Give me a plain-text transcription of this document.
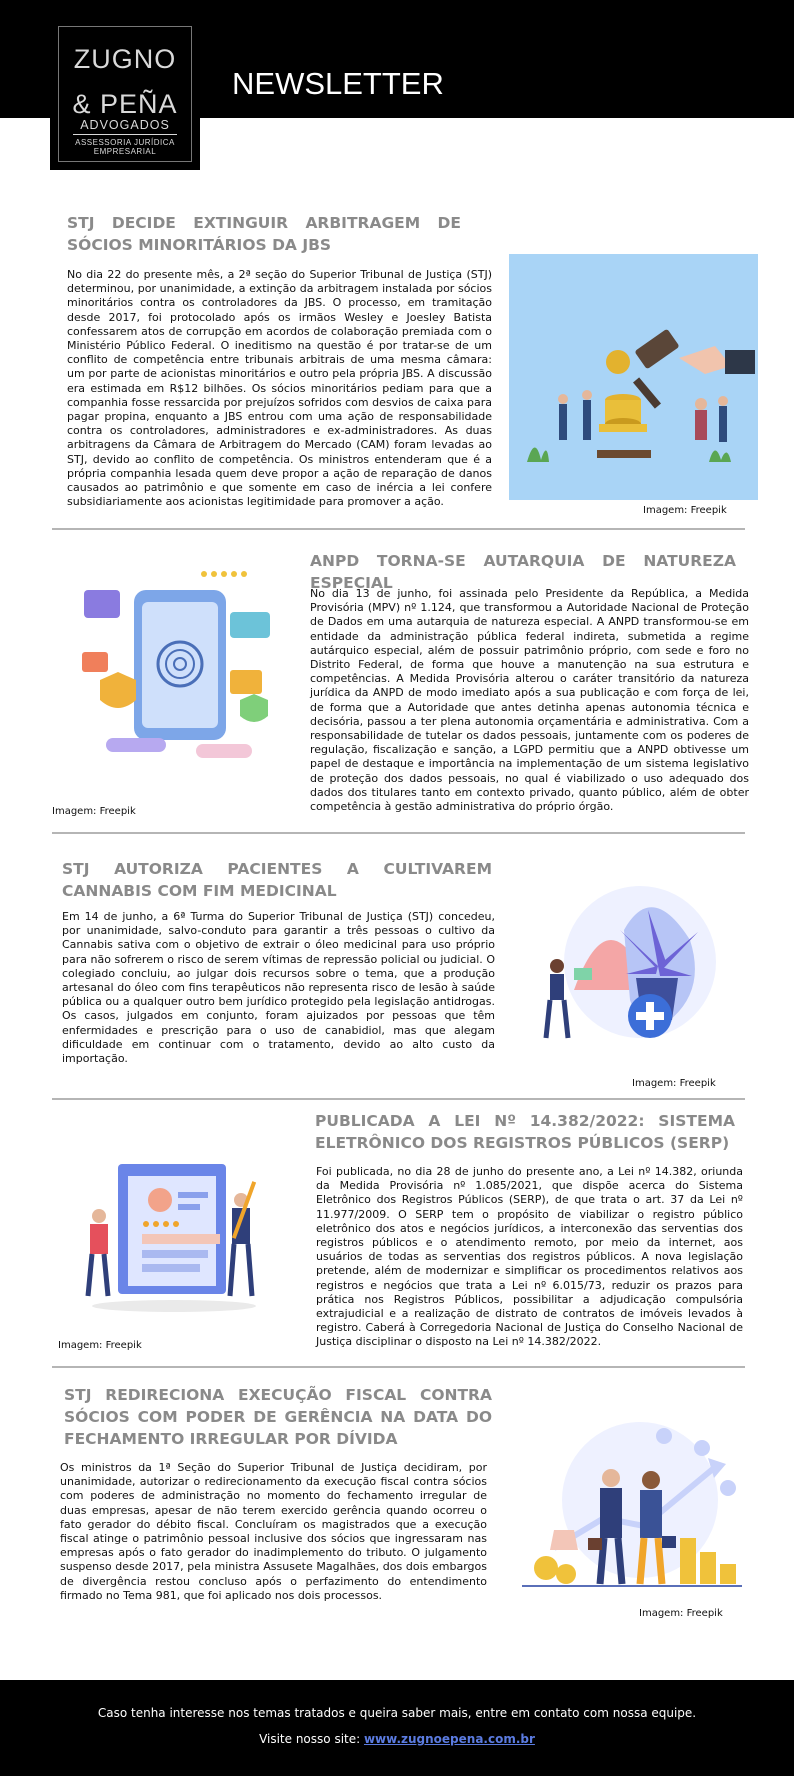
NEWSLETTER
ZUGNO
& PEÑA
ADVOGADOS
ASSESSORIA JURÍDICA
EMPRESARIAL
STJ DECIDE EXTINGUIR ARBITRAGEM DE SÓCIOS MINORITÁRIOS DA JBS
No dia 22 do presente mês, a 2ª seção do Superior Tribunal de Justiça (STJ) determinou, por unanimidade, a extinção da arbitragem instalada por sócios minoritários contra os controladores da JBS. O processo, em tramitação desde 2017, foi protocolado após os irmãos Wesley e Joesley Batista confessarem atos de corrupção em acordos de colaboração premiada com o Ministério Público Federal. O ineditismo na questão é por tratar-se de um conflito de competência entre tribunais arbitrais de uma mesma câmara: um por parte de acionistas minoritários e outro pela própria JBS. A discussão era estimada em R$12 bilhões. Os sócios minoritários pediam para que a companhia fosse ressarcida por prejuízos sofridos com desvios de caixa para pagar propina, enquanto a JBS entrou com uma ação de responsabilidade contra os controladores, administradores e ex-administradores. As duas arbitragens da Câmara de Arbitragem do Mercado (CAM) foram levadas ao STJ, devido ao conflito de competência. Os ministros entenderam que é a própria companhia lesada quem deve propor a ação de reparação de danos causados ao patrimônio e que somente em caso de inércia a lei confere subsidiariamente aos acionistas legitimidade para promover a ação.
Imagem: Freepik
ANPD TORNA-SE AUTARQUIA DE NATUREZA ESPECIAL
No dia 13 de junho, foi assinada pelo Presidente da República, a Medida Provisória (MPV) nº 1.124, que transformou a Autoridade Nacional de Proteção de Dados em uma autarquia de natureza especial. A ANPD transformou-se em entidade da administração pública federal indireta, submetida a regime autárquico especial, além de possuir patrimônio próprio, com sede e foro no Distrito Federal, de forma que houve a manutenção na sua estrutura e competências. A Medida Provisória alterou o caráter transitório da natureza jurídica da ANPD de modo imediato após a sua publicação e com força de lei, de forma que a Autoridade que antes detinha apenas autonomia técnica e decisória, passou a ter plena autonomia orçamentária e administrativa. Com a responsabilidade de tutelar os dados pessoais, juntamente com os poderes de regulação, fiscalização e sanção, a LGPD permitiu que a ANPD obtivesse um papel de destaque e importância na implementação de um sistema legislativo de proteção dos dados pessoais, no qual é viabilizado o uso adequado dos dados dos titulares tanto em contexto privado, quanto público, além de obter competência à gestão administrativa do próprio órgão.
Imagem: Freepik
STJ AUTORIZA PACIENTES A CULTIVAREM CANNABIS COM FIM MEDICINAL
Em 14 de junho, a 6ª Turma do Superior Tribunal de Justiça (STJ) concedeu, por unanimidade, salvo-conduto para garantir a três pessoas o cultivo da Cannabis sativa com o objetivo de extrair o óleo medicinal para uso próprio para não sofrerem o risco de serem vítimas de repressão policial ou judicial. O colegiado concluiu, ao julgar dois recursos sobre o tema, que a produção artesanal do óleo com fins terapêuticos não representa risco de lesão à saúde pública ou a qualquer outro bem jurídico protegido pela legislação antidrogas. Os casos, julgados em conjunto, foram ajuizados por pessoas que têm enfermidades e prescrição para o uso de canabidiol, mas que alegam dificuldade em continuar com o tratamento, devido ao alto custo da importação.
Imagem: Freepik
PUBLICADA A LEI Nº 14.382/2022: SISTEMA ELETRÔNICO DOS REGISTROS PÚBLICOS (SERP)
Foi publicada, no dia 28 de junho do presente ano, a Lei nº 14.382, oriunda da Medida Provisória nº 1.085/2021, que dispõe acerca do Sistema Eletrônico dos Registros Públicos (SERP), de que trata o art. 37 da Lei nº 11.977/2009. O SERP tem o propósito de viabilizar o registro público eletrônico dos atos e negócios jurídicos, a interconexão das serventias dos registros públicos e o atendimento remoto, por meio da internet, aos usuários de todas as serventias dos registros públicos. A nova legislação pretende, além de modernizar e simplificar os procedimentos relativos aos registros e negócios que trata a Lei nº 6.015/73, reduzir os prazos para prática nos Registros Públicos, possibilitar a adjudicação compulsória extrajudicial e a realização de distrato de contratos de imóveis levados à registro. Caberá à Corregedoria Nacional de Justiça do Conselho Nacional de Justiça disciplinar o disposto na Lei nº 14.382/2022.
Imagem: Freepik
STJ REDIRECIONA EXECUÇÃO FISCAL CONTRA SÓCIOS COM PODER DE GERÊNCIA NA DATA DO FECHAMENTO IRREGULAR POR DÍVIDA
Os ministros da 1ª Seção do Superior Tribunal de Justiça decidiram, por unanimidade, autorizar o redirecionamento da execução fiscal contra sócios com poderes de administração no momento do fechamento irregular de duas empresas, apesar de não terem exercido gerência quando ocorreu o fato gerador do débito fiscal. Concluíram os magistrados que a execução fiscal atinge o patrimônio pessoal inclusive dos sócios que ingressaram nas empresas após o fato gerador do inadimplemento do tributo. O julgamento suspenso desde 2017, pela ministra Assusete Magalhães, dos dois embargos de divergência restou concluso após o perfazimento do entendimento firmado no Tema 981, que foi aplicado nos dois processos.
Imagem: Freepik
Caso tenha interesse nos temas tratados e queira saber mais, entre em contato com nossa equipe.
Visite nosso site: www.zugnoepena.com.br
